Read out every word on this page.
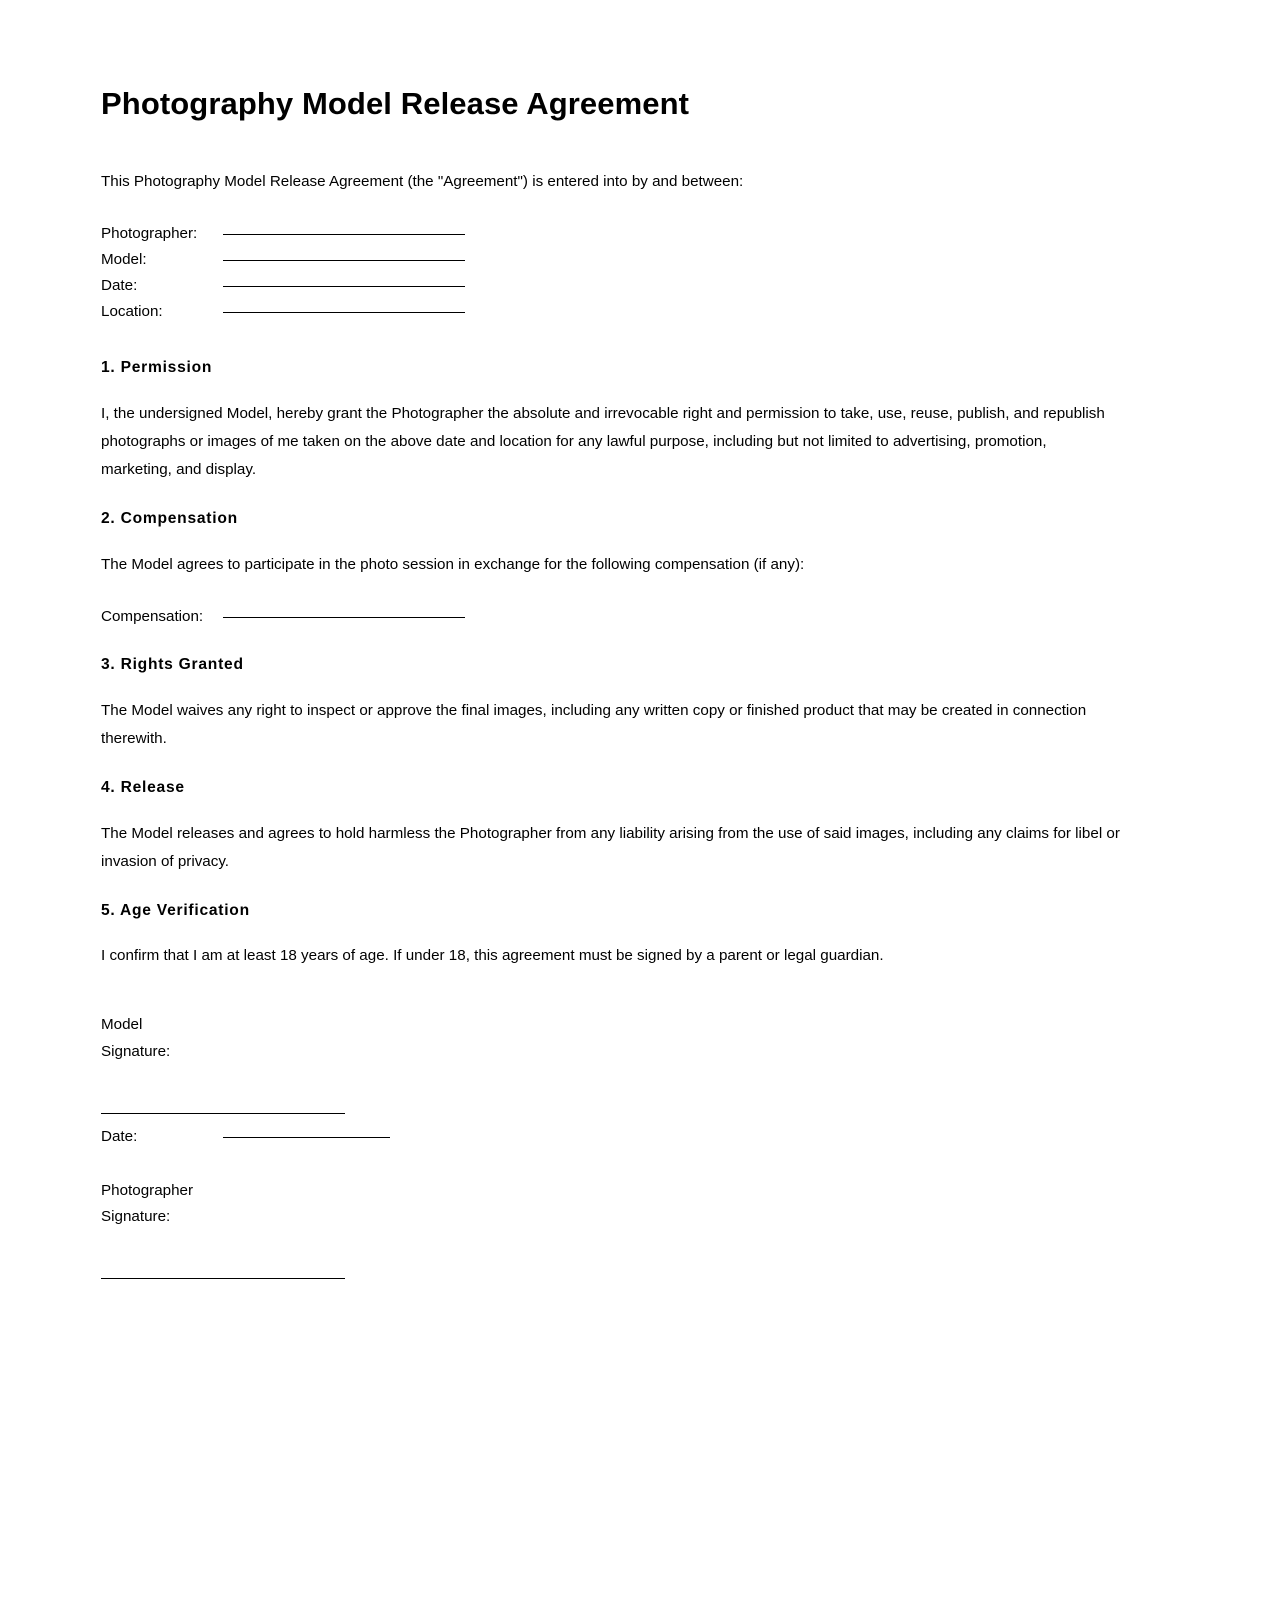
Photography Model Release Agreement

This Photography Model Release Agreement (the "Agreement") is entered into by and between:

Photographer:
Model:
Date:
Location:
1. Permission

I, the undersigned Model, hereby grant the Photographer the absolute and irrevocable right and permission to take, use, reuse, publish, and republish photographs or images of me taken on the above date and location for any lawful purpose, including but not limited to advertising, promotion, marketing, and display.

2. Compensation

The Model agrees to participate in the photo session in exchange for the following compensation (if any):

Compensation:
3. Rights Granted

The Model waives any right to inspect or approve the final images, including any written copy or finished product that may be created in connection therewith.

4. Release

The Model releases and agrees to hold harmless the Photographer from any liability arising from the use of said images, including any claims for libel or invasion of privacy.

5. Age Verification

I confirm that I am at least 18 years of age. If under 18, this agreement must be signed by a parent or legal guardian.

Model

Signature:

Date:

Photographer

Signature:
